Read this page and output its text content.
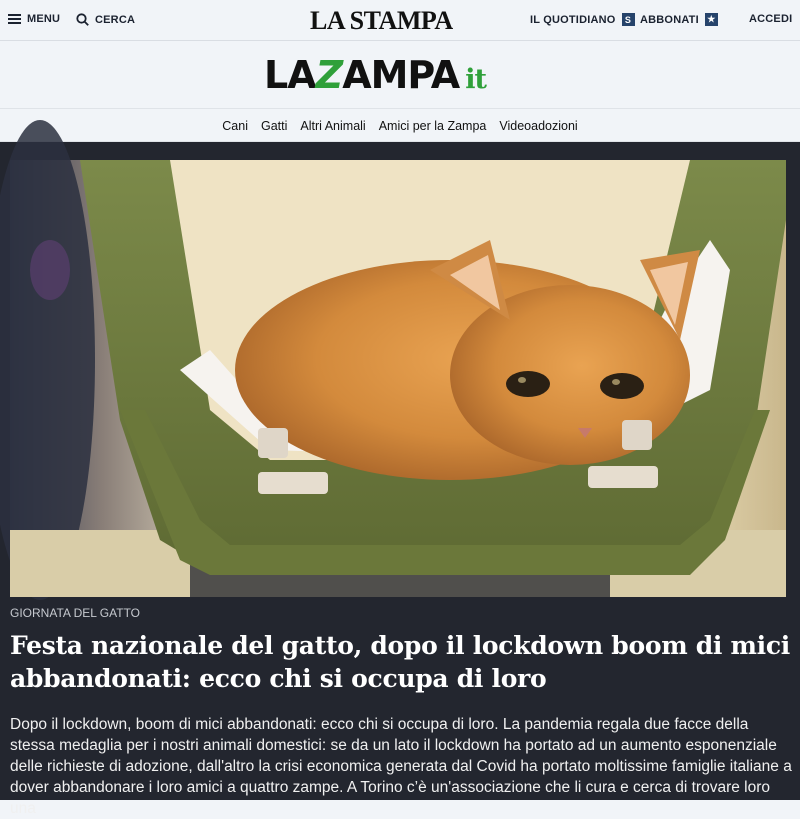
MENU	CERCA	LA STAMPA	IL QUOTIDIANO	S ABBONATI ★	ACCEDI
LAZAMPA it
Cani Gatti Altri Animali Amici per la Zampa Videoadozioni
GIORNATA DEL GATTO
Festa nazionale del gatto, dopo il lockdown boom di mici abbandonati: ecco chi si occupa di loro

Dopo il lockdown, boom di mici abbandonati: ecco chi si occupa di loro. La pandemia regala due facce della stessa medaglia per i nostri animali domestici: se da un lato il lockdown ha portato ad un aumento esponenziale delle richieste di adozione, dall'altro la crisi economica generata dal Covid ha portato moltissime famiglie italiane a dover abbandonare i loro amici a quattro zampe. A Torino c’è un'associazione che li cura e cerca di trovare loro una
